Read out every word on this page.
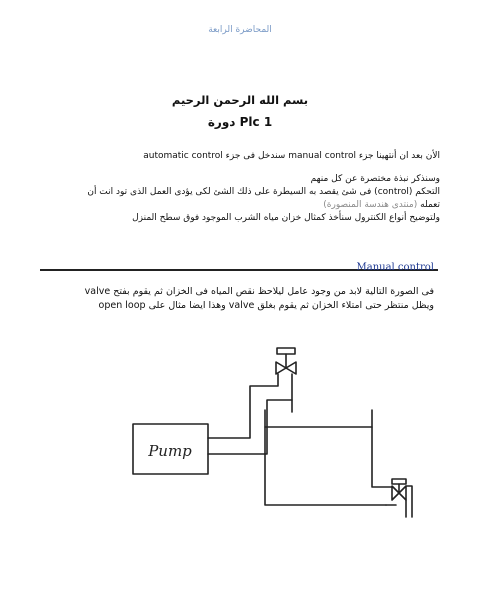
المحاضرة الرابعة
بسم الله الرحمن الرحيم
دورة Plc 1
الأن بعد ان أنتهينا جزء manual control سندخل فى جزء automatic control
وسنذكر نبذة مختصرة عن كل منهم
التحكم (control) فى شئ يقصد به السيطرة على ذلك الشئ لكى يؤدى العمل الذى تود انت أن
تعمله (منتدى هندسة المنصورة)
ولتوضيح أنواع الكنترول سنأخذ كمثال خزان مياه الشرب الموجود فوق سطح المنزل
Manual control
فى الصورة التالية لابد من وجود عامل ليلاحظ نقص المياه فى الخزان ثم يقوم بفتح valve
ويظل منتظر حتى امتلاء الخزان ثم يقوم بغلق valve وهذا ايضا مثال على open loop
Pump
